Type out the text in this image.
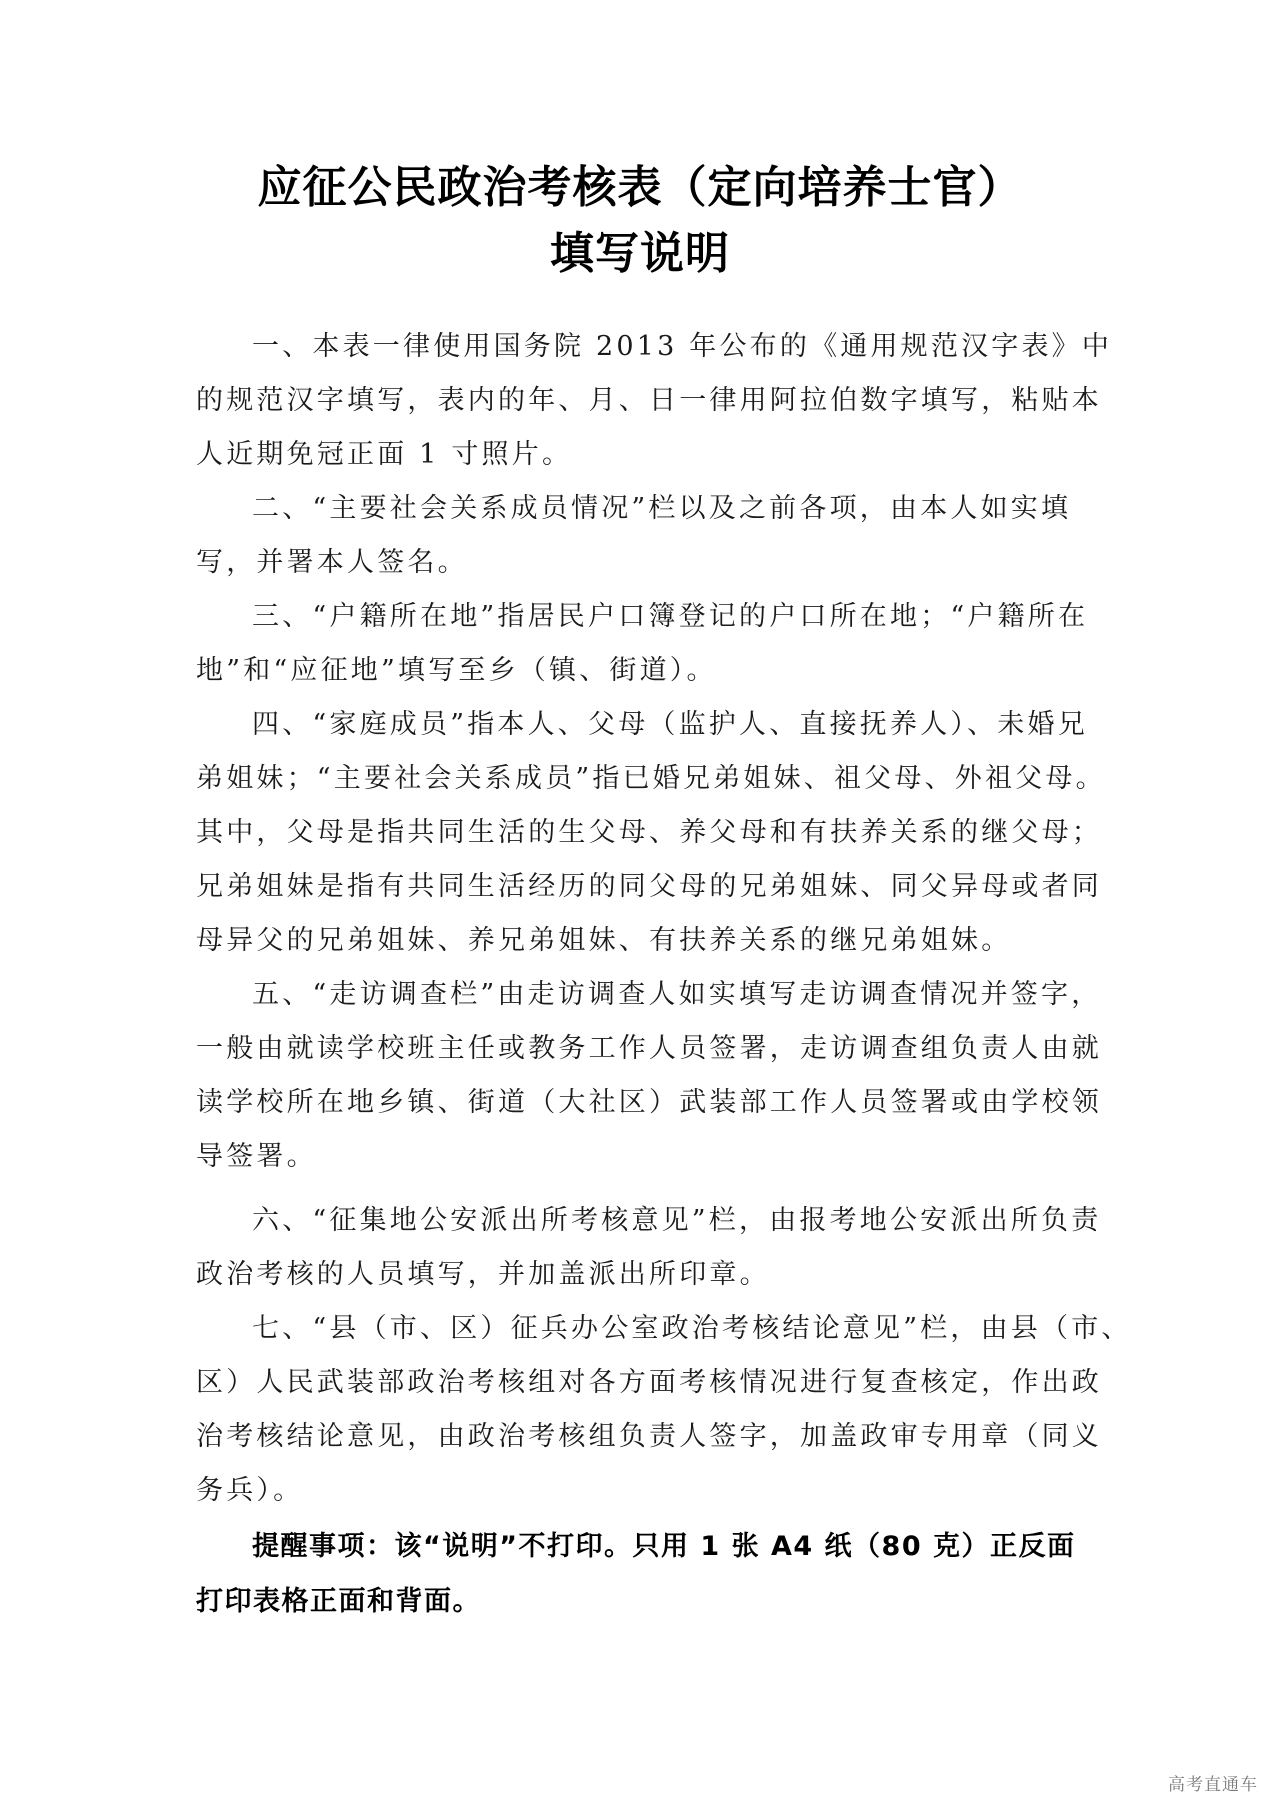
应征公民政治考核表（定向培养士官）
填写说明
一、本表一律使用国务院 2013 年公布的《通用规范汉字表》中
的规范汉字填写，表内的年、月、日一律用阿拉伯数字填写，粘贴本
人近期免冠正面 1 寸照片。
二、“主要社会关系成员情况”栏以及之前各项，由本人如实填
写，并署本人签名。
三、“户籍所在地”指居民户口簿登记的户口所在地；“户籍所在
地”和“应征地”填写至乡（镇、街道）。
四、“家庭成员”指本人、父母（监护人、直接抚养人）、未婚兄
弟姐妹；“主要社会关系成员”指已婚兄弟姐妹、祖父母、外祖父母。
其中，父母是指共同生活的生父母、养父母和有扶养关系的继父母；
兄弟姐妹是指有共同生活经历的同父母的兄弟姐妹、同父异母或者同
母异父的兄弟姐妹、养兄弟姐妹、有扶养关系的继兄弟姐妹。
五、“走访调查栏”由走访调查人如实填写走访调查情况并签字，
一般由就读学校班主任或教务工作人员签署，走访调查组负责人由就
读学校所在地乡镇、街道（大社区）武装部工作人员签署或由学校领
导签署。
六、“征集地公安派出所考核意见”栏，由报考地公安派出所负责
政治考核的人员填写，并加盖派出所印章。
七、“县（市、区）征兵办公室政治考核结论意见”栏，由县（市、
区）人民武装部政治考核组对各方面考核情况进行复查核定，作出政
治考核结论意见，由政治考核组负责人签字，加盖政审专用章（同义
务兵）。
提醒事项：该“说明”不打印。只用 1 张 A4 纸（80 克）正反面
打印表格正面和背面。
高考直通车
